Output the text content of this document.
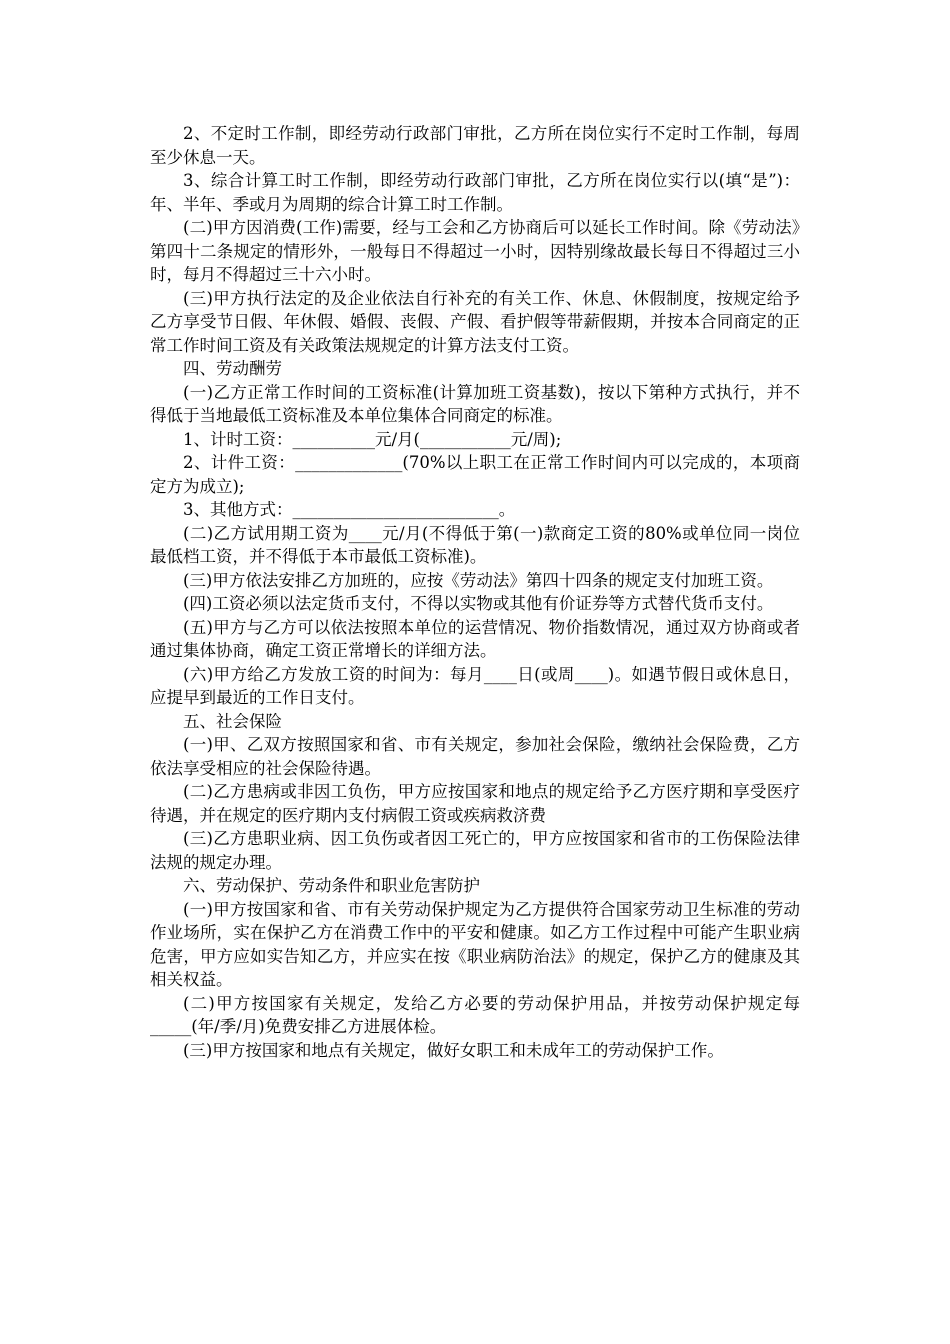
2、不定时工作制，即经劳动行政部门审批，乙方所在岗位实行不定时工作制，每周至少休息一天。

3、综合计算工时工作制，即经劳动行政部门审批，乙方所在岗位实行以(填“是”)：年、半年、季或月为周期的综合计算工时工作制。

(二)甲方因消费(工作)需要，经与工会和乙方协商后可以延长工作时间。除《劳动法》第四十二条规定的情形外，一般每日不得超过一小时，因特别缘故最长每日不得超过三小时，每月不得超过三十六小时。

(三)甲方执行法定的及企业依法自行补充的有关工作、休息、休假制度，按规定给予乙方享受节日假、年休假、婚假、丧假、产假、看护假等带薪假期，并按本合同商定的正常工作时间工资及有关政策法规规定的计算方法支付工资。

四、劳动酬劳

(一)乙方正常工作时间的工资标准(计算加班工资基数)，按以下第种方式执行，并不得低于当地最低工资标准及本单位集体合同商定的标准。

1、计时工资：__________元/月(___________元/周);

2、计件工资：_____________(70%以上职工在正常工作时间内可以完成的，本项商定方为成立);

3、其他方式：_________________________。

(二)乙方试用期工资为____元/月(不得低于第(一)款商定工资的80%或单位同一岗位最低档工资，并不得低于本市最低工资标准)。

(三)甲方依法安排乙方加班的，应按《劳动法》第四十四条的规定支付加班工资。

(四)工资必须以法定货币支付，不得以实物或其他有价证券等方式替代货币支付。

(五)甲方与乙方可以依法按照本单位的运营情况、物价指数情况，通过双方协商或者通过集体协商，确定工资正常增长的详细方法。

(六)甲方给乙方发放工资的时间为：每月____日(或周____)。如遇节假日或休息日，应提早到最近的工作日支付。

五、社会保险

(一)甲、乙双方按照国家和省、市有关规定，参加社会保险，缴纳社会保险费，乙方依法享受相应的社会保险待遇。

(二)乙方患病或非因工负伤，甲方应按国家和地点的规定给予乙方医疗期和享受医疗待遇，并在规定的医疗期内支付病假工资或疾病救济费

(三)乙方患职业病、因工负伤或者因工死亡的，甲方应按国家和省市的工伤保险法律法规的规定办理。

六、劳动保护、劳动条件和职业危害防护

(一)甲方按国家和省、市有关劳动保护规定为乙方提供符合国家劳动卫生标准的劳动作业场所，实在保护乙方在消费工作中的平安和健康。如乙方工作过程中可能产生职业病危害，甲方应如实告知乙方，并应实在按《职业病防治法》的规定，保护乙方的健康及其相关权益。

(二)甲方按国家有关规定，发给乙方必要的劳动保护用品，并按劳动保护规定每_____(年/季/月)免费安排乙方进展体检。

(三)甲方按国家和地点有关规定，做好女职工和未成年工的劳动保护工作。
